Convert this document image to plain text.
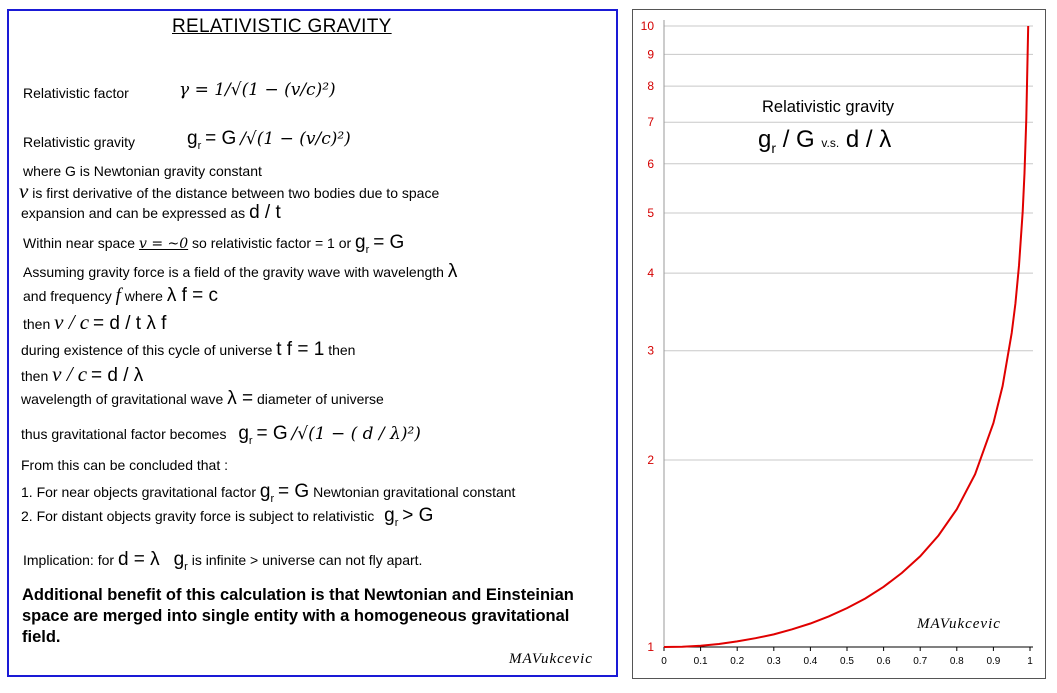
RELATIVISTIC GRAVITY
Relativistic factor	γ = 1/√(1 − (v/c)²)
Relativistic gravity	$g_r = G$ /√(1 − (v/c)²)
where G is Newtonian gravity constant
v is first derivative of the distance between two bodies due to space
expansion and can be expressed as d / t
Within near space v = ~0 so relativistic factor = 1 or $g_r = G$
Assuming gravity force is a field of the gravity wave with wavelength λ
and frequency f where λ f = c
then v / c = d / t λ f
during existence of this cycle of universe t f = 1 then
then v / c = d / λ
wavelength of gravitational wave λ = diameter of universe
thus gravitational factor becomes $g_r = G$ /√(1 − ( d / λ)²)
From this can be concluded that :
1. For near objects gravitational factor $g_r = G$ Newtonian gravitational constant
2. For distant objects gravity force is subject to relativistic $g_r > G$
Implication: for d = λ $g_r$ is infinite > universe can not fly apart.
Additional benefit of this calculation is that Newtonian and Einsteinian space are merged into single entity with a homogeneous gravitational field.
MAVukcevic
1
2
3
4
5
6
7
8
9
10
0	0.1 0.2 0.3 0.4 0.5 0.6 0.7 0.8 0.9	1
Relativistic gravity
$g_r$ / G v.s. d / λ
MAVukcevic
